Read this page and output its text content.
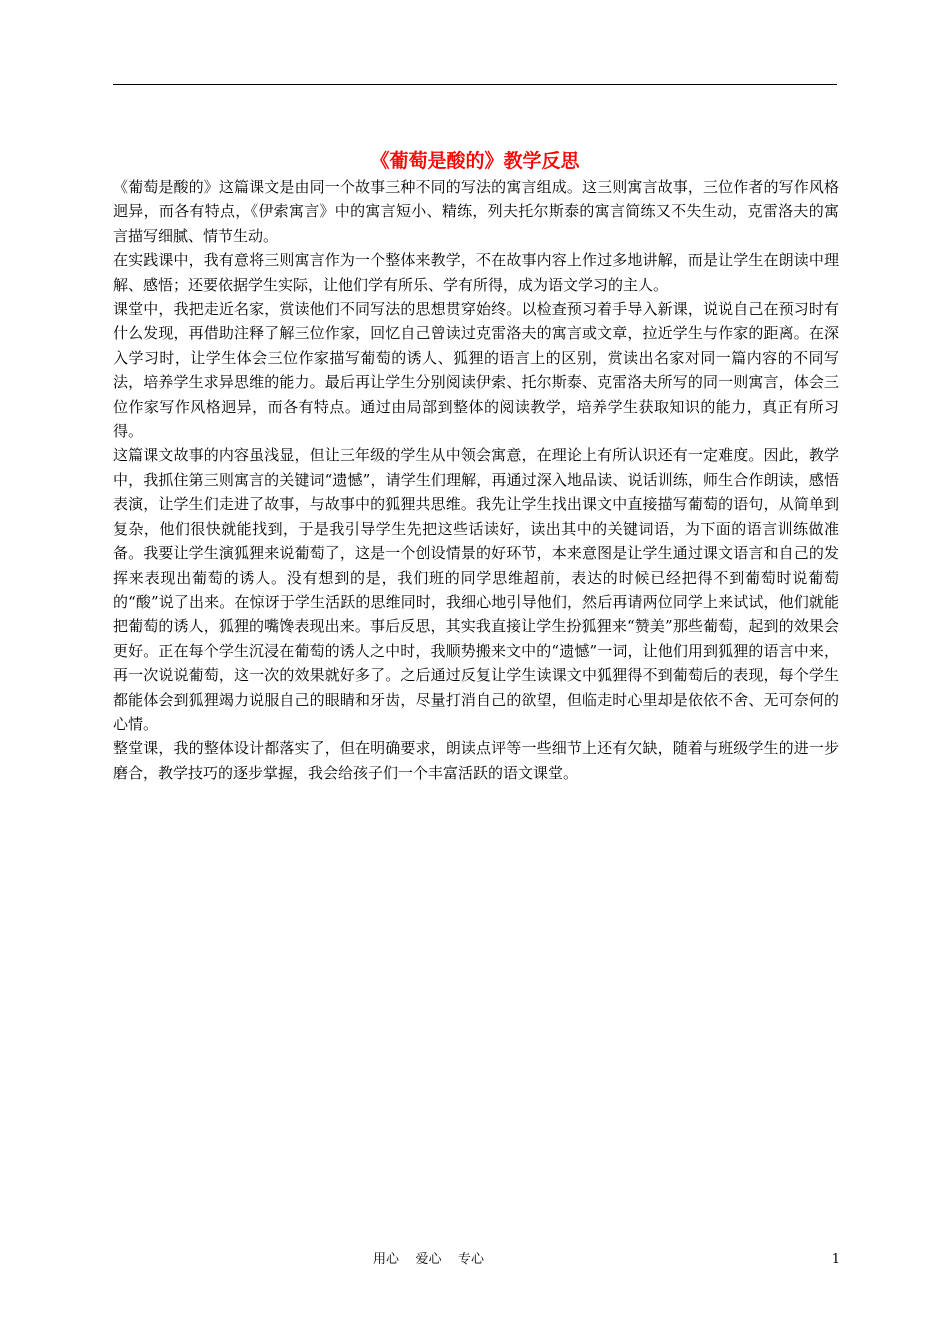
《葡萄是酸的》教学反思

《葡萄是酸的》这篇课文是由同一个故事三种不同的写法的寓言组成。这三则寓言故事，三位作者的写作风格迥异，而各有特点，《伊索寓言》中的寓言短小、精练，列夫托尔斯泰的寓言简练又不失生动，克雷洛夫的寓言描写细腻、情节生动。

在实践课中，我有意将三则寓言作为一个整体来教学，不在故事内容上作过多地讲解，而是让学生在朗读中理解、感悟；还要依据学生实际，让他们学有所乐、学有所得，成为语文学习的主人。

课堂中，我把走近名家，赏读他们不同写法的思想贯穿始终。以检查预习着手导入新课，说说自己在预习时有什么发现，再借助注释了解三位作家，回忆自己曾读过克雷洛夫的寓言或文章，拉近学生与作家的距离。在深入学习时，让学生体会三位作家描写葡萄的诱人、狐狸的语言上的区别，赏读出名家对同一篇内容的不同写法，培养学生求异思维的能力。最后再让学生分别阅读伊索、托尔斯泰、克雷洛夫所写的同一则寓言，体会三位作家写作风格迥异，而各有特点。通过由局部到整体的阅读教学，培养学生获取知识的能力，真正有所习得。

这篇课文故事的内容虽浅显，但让三年级的学生从中领会寓意，在理论上有所认识还有一定难度。因此，教学中，我抓住第三则寓言的关键词“遗憾”，请学生们理解，再通过深入地品读、说话训练，师生合作朗读，感悟表演，让学生们走进了故事，与故事中的狐狸共思维。我先让学生找出课文中直接描写葡萄的语句，从简单到复杂，他们很快就能找到，于是我引导学生先把这些话读好，读出其中的关键词语，为下面的语言训练做准备。我要让学生演狐狸来说葡萄了，这是一个创设情景的好环节，本来意图是让学生通过课文语言和自己的发挥来表现出葡萄的诱人。没有想到的是，我们班的同学思维超前，表达的时候已经把得不到葡萄时说葡萄的“酸”说了出来。在惊讶于学生活跃的思维同时，我细心地引导他们，然后再请两位同学上来试试，他们就能把葡萄的诱人，狐狸的嘴馋表现出来。事后反思，其实我直接让学生扮狐狸来“赞美”那些葡萄，起到的效果会更好。正在每个学生沉浸在葡萄的诱人之中时，我顺势搬来文中的“遗憾”一词，让他们用到狐狸的语言中来，再一次说说葡萄，这一次的效果就好多了。之后通过反复让学生读课文中狐狸得不到葡萄后的表现，每个学生都能体会到狐狸竭力说服自己的眼睛和牙齿，尽量打消自己的欲望，但临走时心里却是依依不舍、无可奈何的心情。

整堂课，我的整体设计都落实了，但在明确要求，朗读点评等一些细节上还有欠缺，随着与班级学生的进一步磨合，教学技巧的逐步掌握，我会给孩子们一个丰富活跃的语文课堂。

用心    爱心    专心	1
